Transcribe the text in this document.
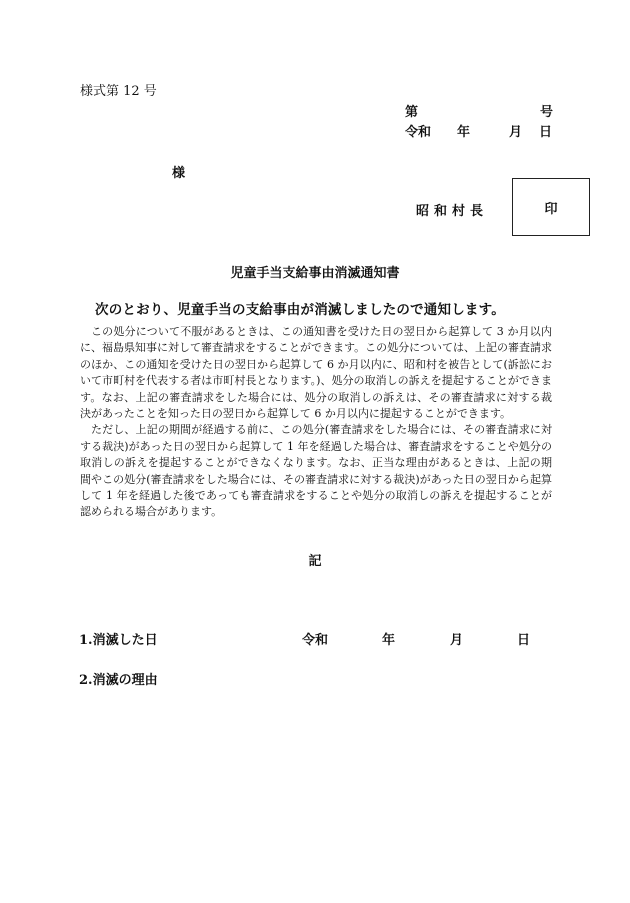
様式第 12 号
第	号
令和 年	月 日
様
昭和村長	印
児童手当支給事由消滅通知書
次のとおり、児童手当の支給事由が消滅しましたので通知します。

この処分について不服があるときは、この通知書を受けた日の翌日から起算して 3 か月以内に、福島県知事に対して審査請求をすることができます。この処分については、上記の審査請求のほか、この通知を受けた日の翌日から起算して 6 か月以内に、昭和村を被告として(訴訟において市町村を代表する者は市町村長となります。)、処分の取消しの訴えを提起することができます。なお、上記の審査請求をした場合には、処分の取消しの訴えは、その審査請求に対する裁決があったことを知った日の翌日から起算して 6 か月以内に提起することができます。

ただし、上記の期間が経過する前に、この処分(審査請求をした場合には、その審査請求に対する裁決)があった日の翌日から起算して 1 年を経過した場合は、審査請求をすることや処分の取消しの訴えを提起することができなくなります。なお、正当な理由があるときは、上記の期間やこの処分(審査請求をした場合には、その審査請求に対する裁決)があった日の翌日から起算して 1 年を経過した後であっても審査請求をすることや処分の取消しの訴えを提起することが認められる場合があります。

記
1.消滅した日	令和	年	月	日
2.消滅の理由
